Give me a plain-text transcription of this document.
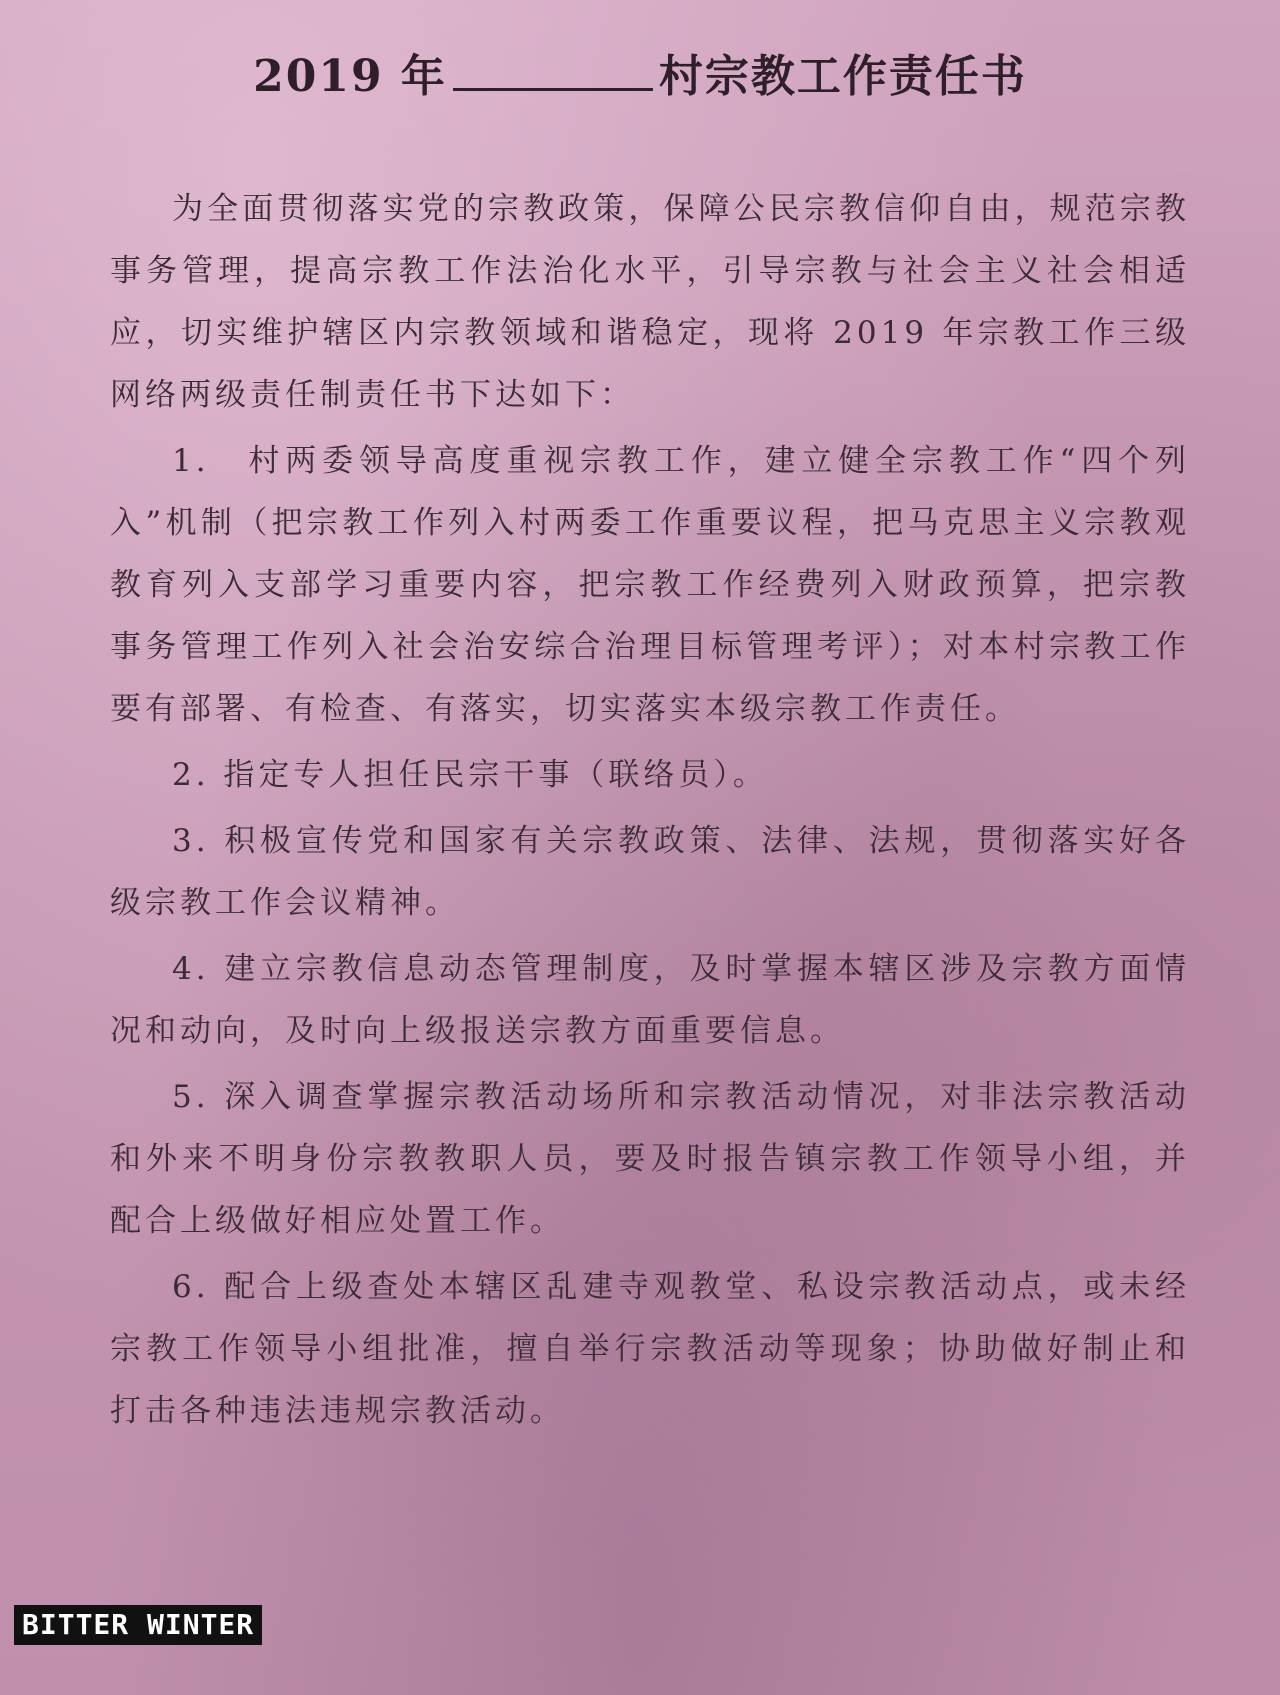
2019 年	村宗教工作责任书

为全面贯彻落实党的宗教政策，保障公民宗教信仰自由，规范宗教事务管理，提高宗教工作法治化水平，引导宗教与社会主义社会相适应，切实维护辖区内宗教领域和谐稳定，现将 2019 年宗教工作三级网络两级责任制责任书下达如下：

1.　村两委领导高度重视宗教工作，建立健全宗教工作“四个列入”机制（把宗教工作列入村两委工作重要议程，把马克思主义宗教观教育列入支部学习重要内容，把宗教工作经费列入财政预算，把宗教事务管理工作列入社会治安综合治理目标管理考评）；对本村宗教工作要有部署、有检查、有落实，切实落实本级宗教工作责任。

2. 指定专人担任民宗干事（联络员）。

3. 积极宣传党和国家有关宗教政策、法律、法规，贯彻落实好各级宗教工作会议精神。

4. 建立宗教信息动态管理制度，及时掌握本辖区涉及宗教方面情况和动向，及时向上级报送宗教方面重要信息。

5. 深入调查掌握宗教活动场所和宗教活动情况，对非法宗教活动和外来不明身份宗教教职人员，要及时报告镇宗教工作领导小组，并配合上级做好相应处置工作。

6. 配合上级查处本辖区乱建寺观教堂、私设宗教活动点，或未经宗教工作领导小组批准，擅自举行宗教活动等现象；协助做好制止和打击各种违法违规宗教活动。

BITTER WINTER
